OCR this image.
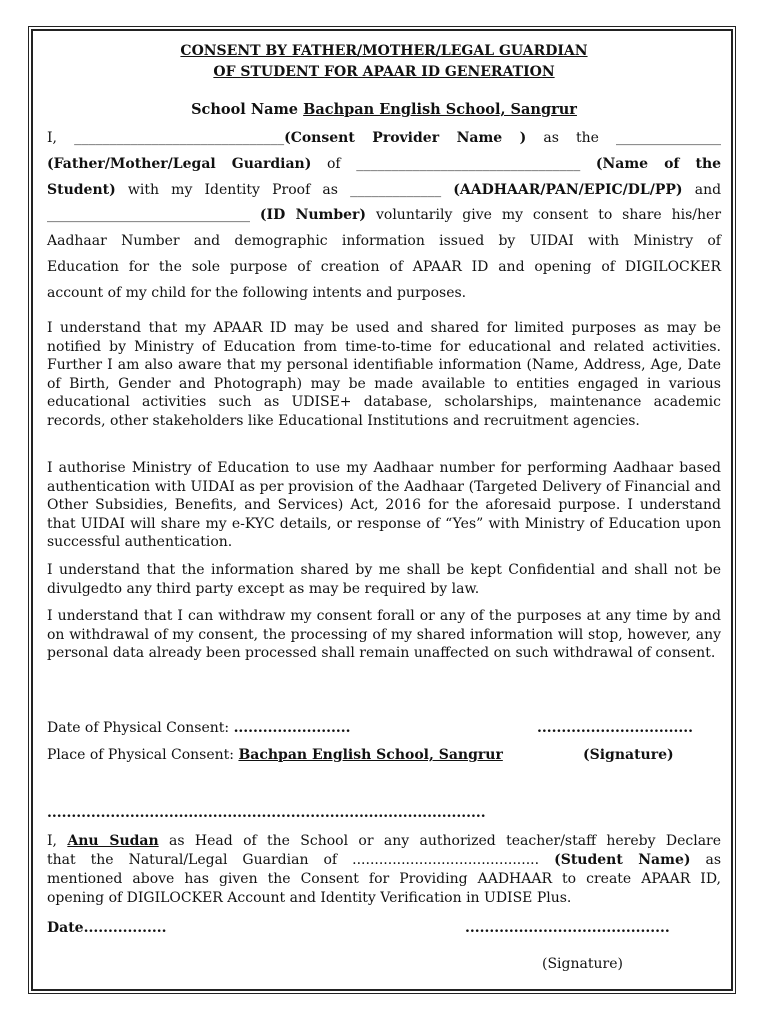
CONSENT BY FATHER/MOTHER/LEGAL GUARDIAN
OF STUDENT FOR APAAR ID GENERATION
School Name Bachpan English School, Sangrur
I, ______________________________(Consent Provider Name ) as the _______________
(Father/Mother/Legal Guardian) of ________________________________ (Name of the
Student) with my Identity Proof as _____________ (AADHAAR/PAN/EPIC/DL/PP) and
_____________________________ (ID Number) voluntarily give my consent to share his/her
Aadhaar Number and demographic information issued by UIDAI with Ministry of
Education for the sole purpose of creation of APAAR ID and opening of DIGILOCKER
account of my child for the following intents and purposes.
I understand that my APAAR ID may be used and shared for limited purposes as may be notified by Ministry of Education from time-to-time for educational and related activities. Further I am also aware that my personal identifiable information (Name, Address, Age, Date of Birth, Gender and Photograph) may be made available to entities engaged in various educational activities such as UDISE+ database, scholarships, maintenance academic records, other stakeholders like Educational Institutions and recruitment agencies.
I authorise Ministry of Education to use my Aadhaar number for performing Aadhaar based authentication with UIDAI as per provision of the Aadhaar (Targeted Delivery of Financial and Other Subsidies, Benefits, and Services) Act, 2016 for the aforesaid purpose. I understand that UIDAI will share my e-KYC details, or response of “Yes” with Ministry of Education upon successful authentication.
I understand that the information shared by me shall be kept Confidential and shall not be divulgedto any third party except as may be required by law.
I understand that I can withdraw my consent forall or any of the purposes at any time by and on withdrawal of my consent, the processing of my shared information will stop, however, any personal data already been processed shall remain unaffected on such withdrawal of consent.
Date of Physical Consent: ........................	................................
Place of Physical Consent: Bachpan English School, Sangrur	(Signature)
..........................................................................................
I, Anu Sudan as Head of the School or any authorized teacher/staff hereby Declare
that the Natural/Legal Guardian of .......................................... (Student Name) as
mentioned above has given the Consent for Providing AADHAAR to create APAAR ID,
opening of DIGILOCKER Account and Identity Verification in UDISE Plus.
Date.................	..........................................
(Signature)
